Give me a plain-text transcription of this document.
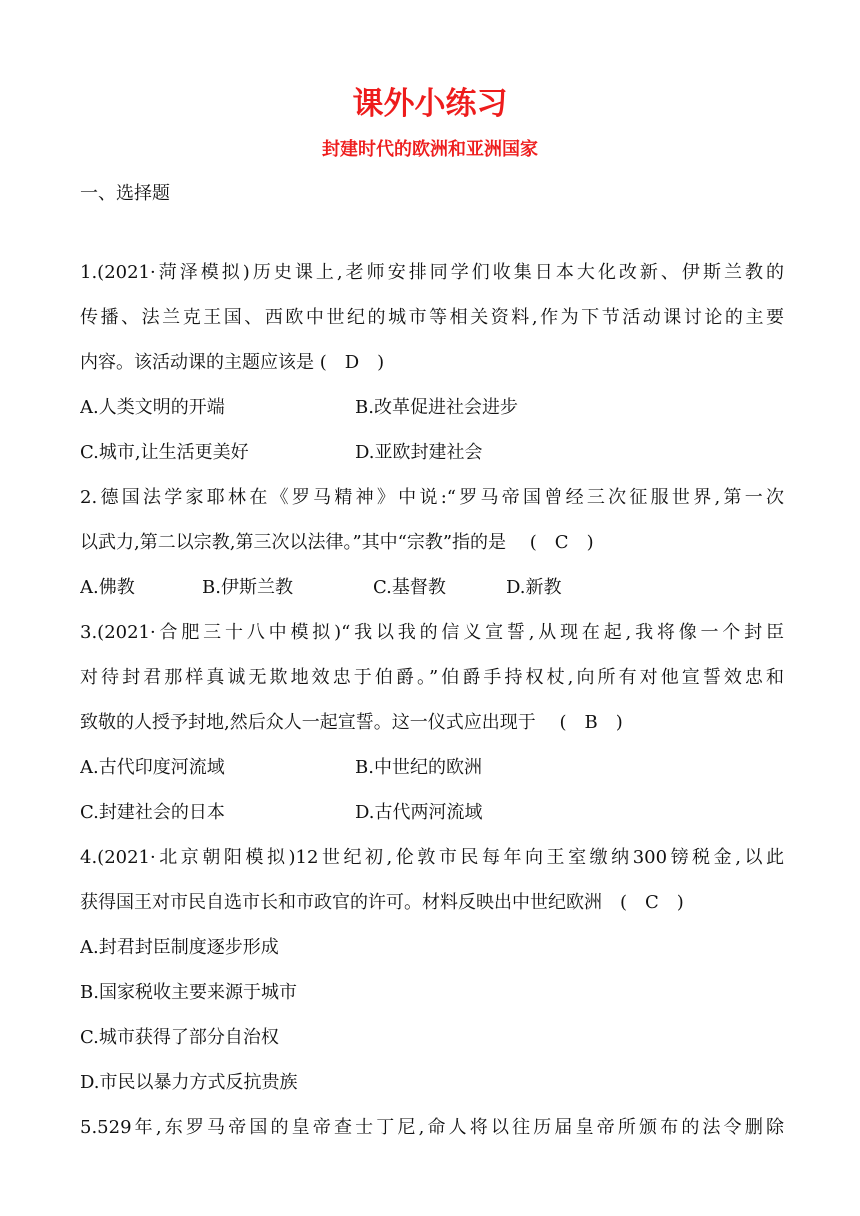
课外小练习
封建时代的欧洲和亚洲国家
一、选择题
1.(2021·菏泽模拟)历史课上,老师安排同学们收集日本大化改新、伊斯兰教的
传播、法兰克王国、西欧中世纪的城市等相关资料,作为下节活动课讨论的主要
内容。该活动课的主题应该是 (　D　)
A.人类文明的开端	B.改革促进社会进步
C.城市,让生活更美好	D.亚欧封建社会
2.德国法学家耶林在《罗马精神》中说:“罗马帝国曾经三次征服世界,第一次
以武力,第二以宗教,第三次以法律。”其中“宗教”指的是　 (　C　)
A.佛教	B.伊斯兰教	C.基督教	D.新教
3.(2021·合肥三十八中模拟)“我以我的信义宣誓,从现在起,我将像一个封臣
对待封君那样真诚无欺地效忠于伯爵。”伯爵手持权杖,向所有对他宣誓效忠和
致敬的人授予封地,然后众人一起宣誓。这一仪式应出现于　 (　B　)
A.古代印度河流域	B.中世纪的欧洲
C.封建社会的日本	D.古代两河流域
4.(2021·北京朝阳模拟)12世纪初,伦敦市民每年向王室缴纳300镑税金,以此
获得国王对市民自选市长和市政官的许可。材料反映出中世纪欧洲　(　C　)
A.封君封臣制度逐步形成
B.国家税收主要来源于城市
C.城市获得了部分自治权
D.市民以暴力方式反抗贵族
5.529年,东罗马帝国的皇帝查士丁尼,命人将以往历届皇帝所颁布的法令删除
